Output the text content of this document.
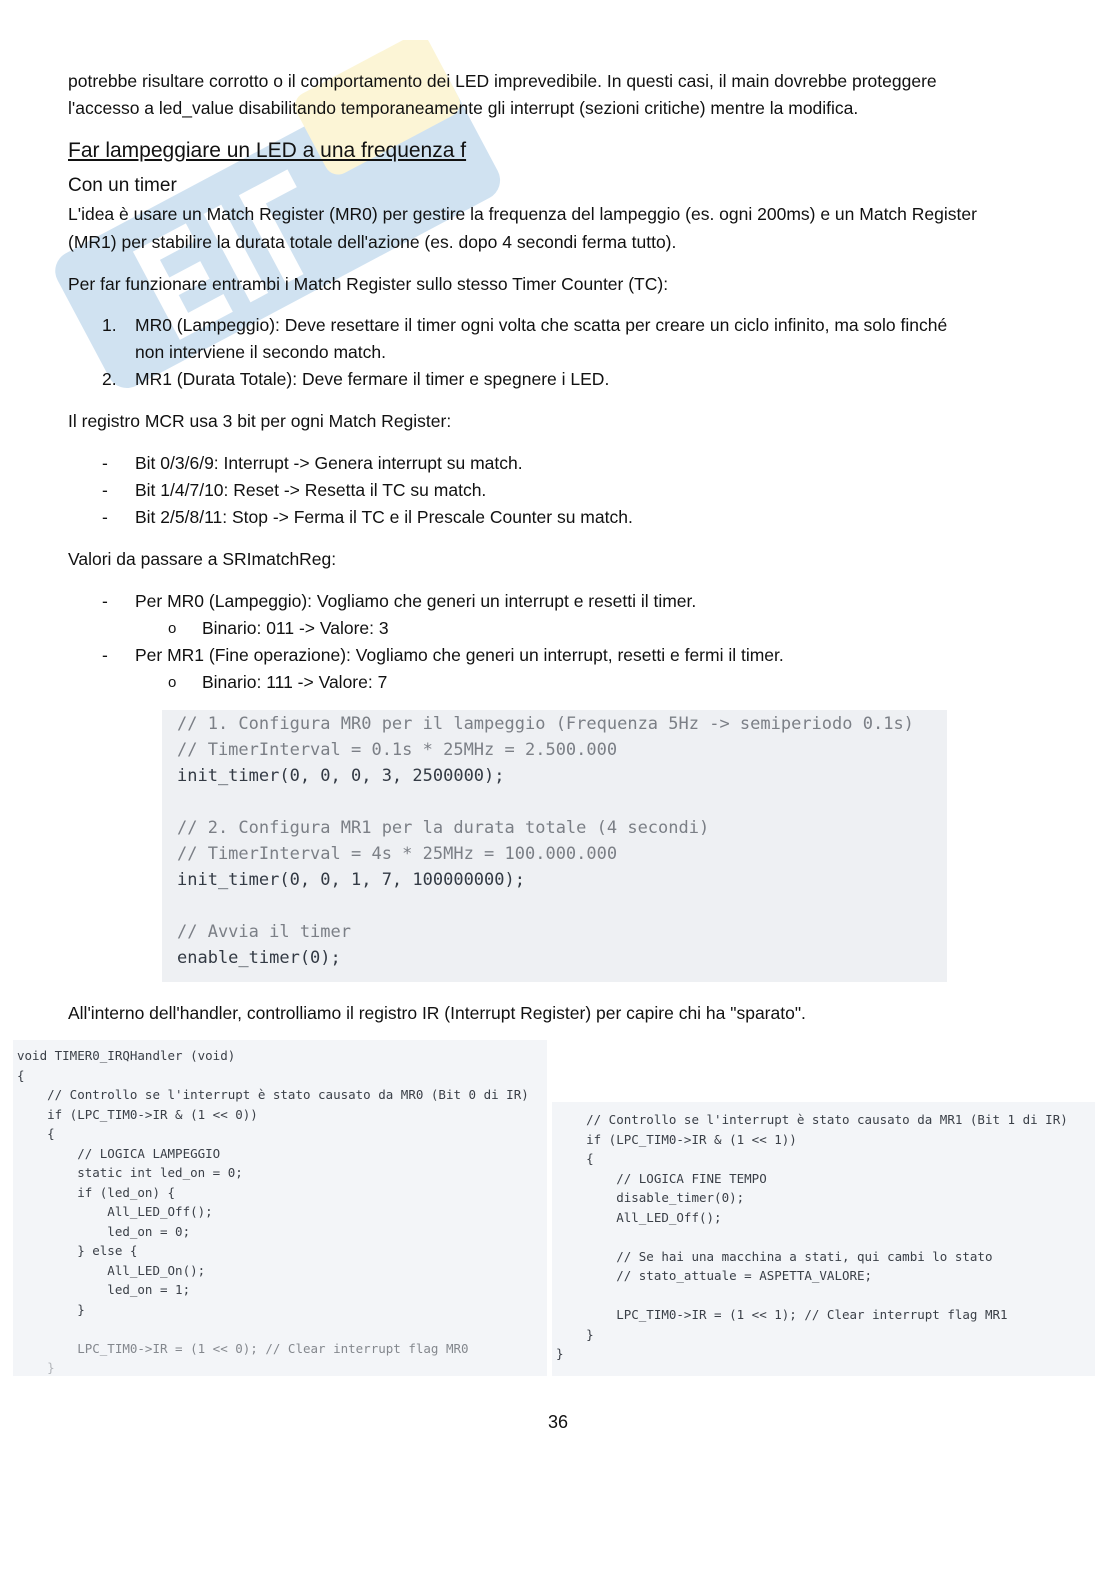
potrebbe risultare corrotto o il comportamento dei LED imprevedibile. In questi casi, il main dovrebbe proteggere
l'accesso a led_value disabilitando temporaneamente gli interrupt (sezioni critiche) mentre la modifica.
Far lampeggiare un LED a una frequenza f
Con un timer
L'idea è usare un Match Register (MR0) per gestire la frequenza del lampeggio (es. ogni 200ms) e un Match Register
(MR1) per stabilire la durata totale dell'azione (es. dopo 4 secondi ferma tutto).
Per far funzionare entrambi i Match Register sullo stesso Timer Counter (TC):
1. MR0 (Lampeggio): Deve resettare il timer ogni volta che scatta per creare un ciclo infinito, ma solo finché
non interviene il secondo match.
2. MR1 (Durata Totale): Deve fermare il timer e spegnere i LED.
Il registro MCR usa 3 bit per ogni Match Register:
- Bit 0/3/6/9: Interrupt -> Genera interrupt su match.
- Bit 1/4/7/10: Reset -> Resetta il TC su match.
- Bit 2/5/8/11: Stop -> Ferma il TC e il Prescale Counter su match.
Valori da passare a SRImatchReg:
- Per MR0 (Lampeggio): Vogliamo che generi un interrupt e resetti il timer.
o Binario: 011 -> Valore: 3
- Per MR1 (Fine operazione): Vogliamo che generi un interrupt, resetti e fermi il timer.
o Binario: 111 -> Valore: 7
// 1. Configura MR0 per il lampeggio (Frequenza 5Hz -> semiperiodo 0.1s)
// TimerInterval = 0.1s * 25MHz = 2.500.000
init_timer(0, 0, 0, 3, 2500000);
// 2. Configura MR1 per la durata totale (4 secondi)
// TimerInterval = 4s * 25MHz = 100.000.000
init_timer(0, 0, 1, 7, 100000000);
// Avvia il timer
enable_timer(0);
All'interno dell'handler, controlliamo il registro IR (Interrupt Register) per capire chi ha "sparato".
void TIMER0_IRQHandler (void)
{
// Controllo se l'interrupt è stato causato da MR0 (Bit 0 di IR)
if (LPC_TIM0->IR & (1 << 0))
{
// LOGICA LAMPEGGIO
static int led_on = 0;
if (led_on) {
All_LED_Off();
led_on = 0;
} else {
All_LED_On();
led_on = 1;
}
LPC_TIM0->IR = (1 << 0); // Clear interrupt flag MR0
}
// Controllo se l'interrupt è stato causato da MR1 (Bit 1 di IR)
if (LPC_TIM0->IR & (1 << 1))
{
// LOGICA FINE TEMPO
disable_timer(0);
All_LED_Off();
// Se hai una macchina a stati, qui cambi lo stato
// stato_attuale = ASPETTA_VALORE;
LPC_TIM0->IR = (1 << 1); // Clear interrupt flag MR1
}
}
36
